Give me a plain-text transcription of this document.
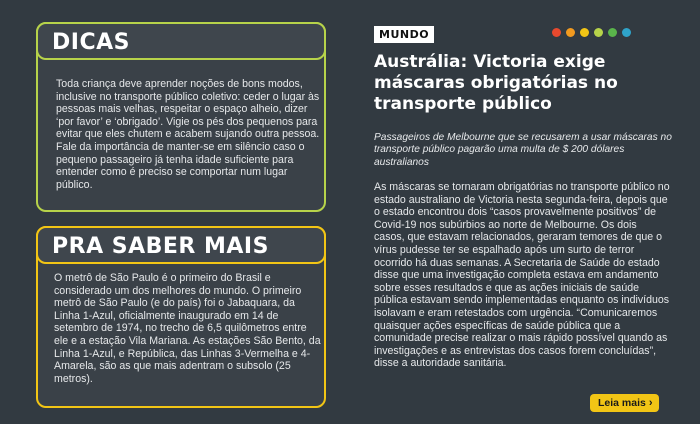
DICAS

Toda criança deve aprender noções de bons modos, inclusive no transporte público coletivo: ceder o lugar às pessoas mais velhas, respeitar o espaço alheio, dizer ‘por favor’ e ‘obrigado’. Vigie os pés dos pequenos para evitar que eles chutem e acabem sujando outra pessoa. Fale da importância de manter-se em silêncio caso o pequeno passageiro já tenha idade suficiente para entender como é preciso se comportar num lugar público.

PRA SABER MAIS

O metrô de São Paulo é o primeiro do Brasil e considerado um dos melhores do mundo. O primeiro metrô de São Paulo (e do país) foi o Jabaquara, da Linha 1-Azul, oficialmente inaugurado em 14 de setembro de 1974, no trecho de 6,5 quilômetros entre ele e a estação Vila Mariana. As estações São Bento, da Linha 1-Azul, e República, das Linhas 3-Vermelha e 4-Amarela, são as que mais adentram o subsolo (25 metros).

MUNDO
Austrália: Victoria exige máscaras obrigatórias no transporte público

Passageiros de Melbourne que se recusarem a usar máscaras no transporte público pagarão uma multa de $ 200 dólares australianos

As máscaras se tornaram obrigatórias no transporte público no estado australiano de Victoria nesta segunda-feira, depois que o estado encontrou dois “casos provavelmente positivos” de Covid-19 nos subúrbios ao norte de Melbourne. Os dois casos, que estavam relacionados, geraram temores de que o vírus pudesse ter se espalhado após um surto de terror ocorrido há duas semanas. A Secretaria de Saúde do estado disse que uma investigação completa estava em andamento sobre esses resultados e que as ações iniciais de saúde pública estavam sendo implementadas enquanto os indivíduos isolavam e eram retestados com urgência. “Comunicaremos quaisquer ações específicas de saúde pública que a comunidade precise realizar o mais rápido possível quando as investigações e as entrevistas dos casos forem concluídas”, disse a autoridade sanitária.

Leia mais ›
